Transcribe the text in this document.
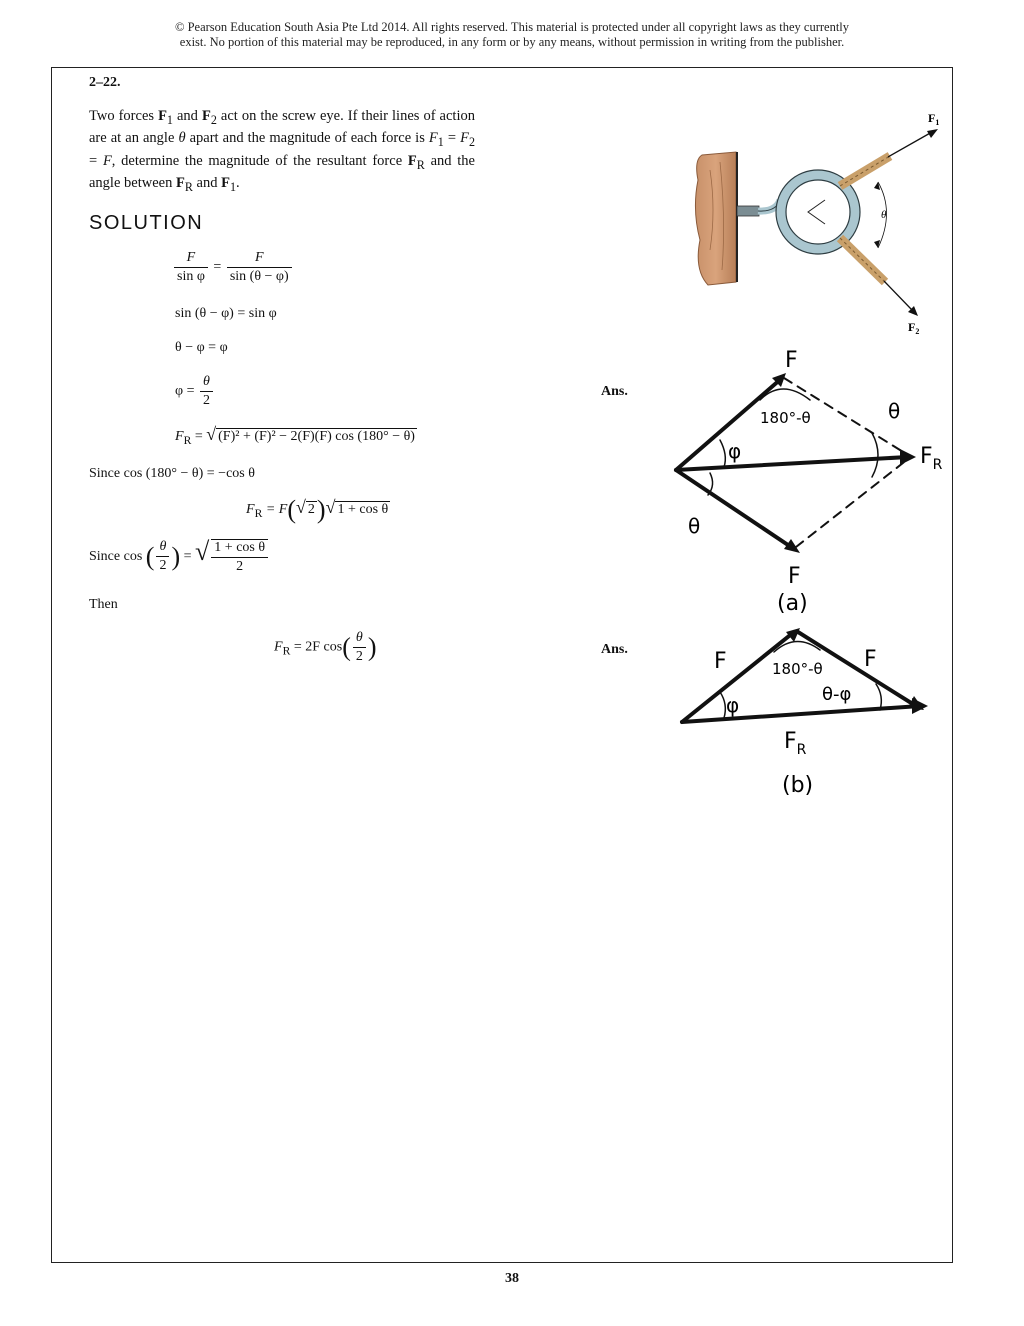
© Pearson Education South Asia Pte Ltd 2014. All rights reserved. This material is protected under all copyright laws as they currently
exist. No portion of this material may be reproduced, in any form or by any means, without permission in writing from the publisher.
2–22.
Two forces $F_1$ and $F_2$ act on the screw eye. If their lines of action are at an angle θ apart and the magnitude of each force is $F_1 = F_2 = F$, determine the magnitude of the resultant force $F_R$ and the angle between $F_R$ and $F_1$.
SOLUTION
$\frac{F}{\text{sin φ}} = \frac{F}{\sin (\theta - \varphi)}$
sin (θ − φ) = sin φ
θ − φ = φ
$\varphi = \frac{\theta}{2}$	Ans.
$F_R$ = √ (F)² + (F)² − 2(F)(F) cos (180° − θ)
Since cos (180° − θ) = −cos θ
$F_R = F(√$ 2)√ 1 + cos θ
Since cos ( $\frac{\theta}{2}$ ) = √ $\frac{\text{1 + cos θ}}{2}$
Then
$F_R = 2F$ $\cos( \frac{\theta}{2}$ )	Ans.
$F_1$
$F_2$
θ
F
F
180°-θ
φ
θ
θ
$F_R$
(a)
F	F
180°-θ
θ-φ
φ
$F_R$
(b)
38
